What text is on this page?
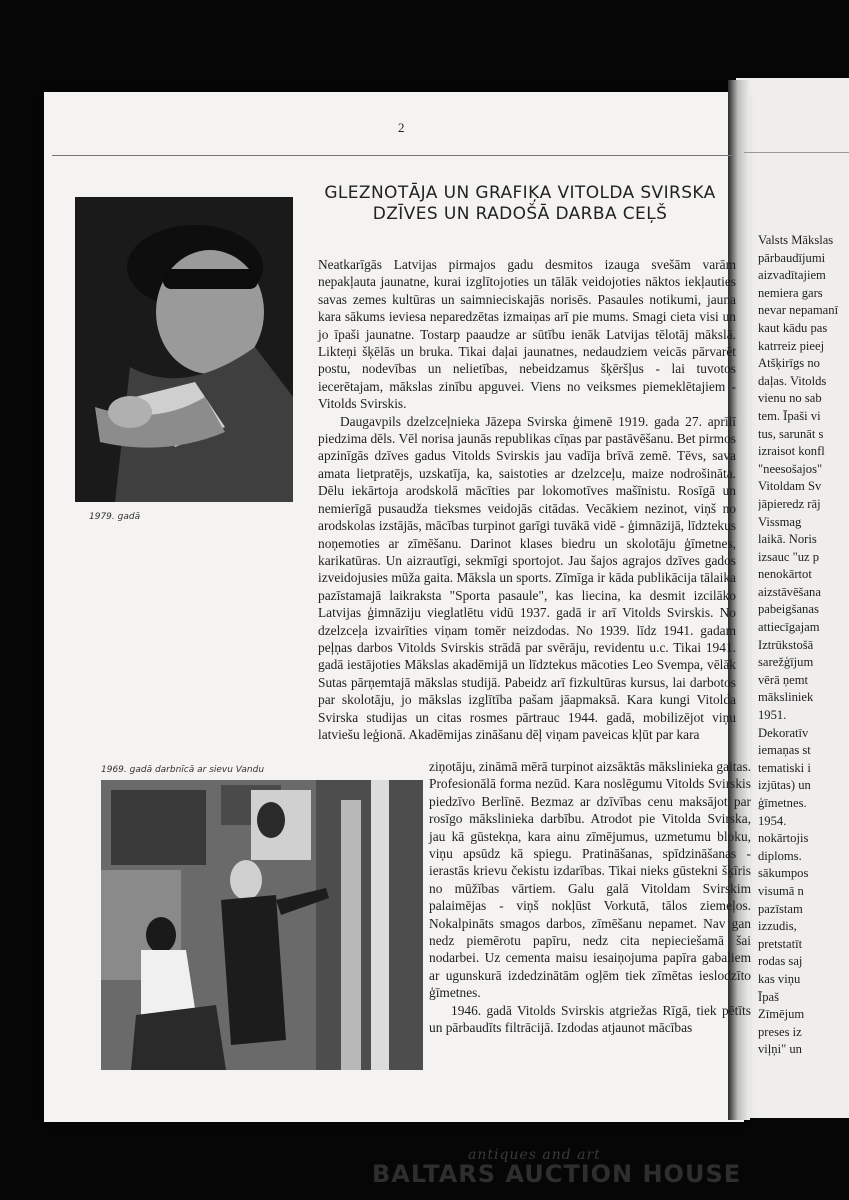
2
GLEZNOTĀJA UN GRAFIĶA VITOLDA SVIRSKA
DZĪVES UN RADOŠĀ DARBA CEĻŠ
1979. gadā
1969. gadā darbnīcā ar sievu Vandu

Neatkarīgās Latvijas pirmajos gadu desmitos izauga svešām varām nepakļauta jaunatne, kurai izglītojoties un tālāk veidojoties nāktos iekļauties savas zemes kultūras un saimnieciskajās norisēs. Pasaules notikumi, jauna kara sākums ieviesa neparedzētas izmaiņas arī pie mums. Smagi cieta visi un jo īpaši jaunatne. Tostarp paaudze ar sūtību ienāk Latvijas tēlotāj mākslā. Likteņi šķēlās un bruka. Tikai daļai jaunatnes, nedaudziem veicās pārvarēt postu, nodevības un nelietības, nebeidzamus šķēršļus - lai tuvotos iecerētajam, mākslas zinību apguvei. Viens no veiksmes piemeklētajiem - Vitolds Svirskis.

Daugavpils dzelzceļnieka Jāzepa Svirska ģimenē 1919. gada 27. aprīlī piedzima dēls. Vēl norisa jaunās republikas cīņas par pastāvēšanu. Bet pirmos apzinīgās dzīves gadus Vitolds Svirskis jau vadīja brīvā zemē. Tēvs, sava amata lietpratējs, uzskatīja, ka, saistoties ar dzelzceļu, maize nodrošināta. Dēlu iekārtoja arodskolā mācīties par lokomotīves mašīnistu. Rosīgā un nemierīgā pusaudža tieksmes veidojās citādas. Vecākiem nezinot, viņš no arodskolas izstājās, mācības turpinot garīgi tuvākā vidē - ģimnāzijā, līdztekus noņemoties ar zīmēšanu. Darinot klases biedru un skolotāju ģīmetnes, karikatūras. Un aizrautīgi, sekmīgi sportojot. Jau šajos agrajos dzīves gados izveidojusies mūža gaita. Māksla un sports. Zīmīga ir kāda publikācija tālaika pazīstamajā laikraksta "Sporta pasaule", kas liecina, ka desmit izcilāko Latvijas ģimnāziju vieglatlētu vidū 1937. gadā ir arī Vitolds Svirskis. No dzelzceļa izvairīties viņam tomēr neizdodas. No 1939. līdz 1941. gadam peļņas darbos Vitolds Svirskis strādā par svērāju, revidentu u.c. Tikai 1941. gadā iestājoties Mākslas akadēmijā un līdztekus mācoties Leo Svempa, vēlāk Sutas pārņemtajā mākslas studijā. Pabeidz arī fizkultūras kursus, lai darbotos par skolotāju, jo mākslas izglītība pašam jāapmaksā. Kara kungi Vitolda Svirska studijas un citas rosmes pārtrauc 1944. gadā, mobilizējot viņu latviešu leģionā. Akadēmijas zināšanu dēļ viņam paveicas kļūt par kara

ziņotāju, zināmā mērā turpinot aizsāktās mākslinieka gaitas. Profesionālā forma nezūd. Kara noslēgumu Vitolds Svirskis piedzīvo Berlīnē. Bezmaz ar dzīvības cenu maksājot par rosīgo mākslinieka darbību. Atrodot pie Vitolda Svirska, jau kā gūstekņa, kara ainu zīmējumus, uzmetumu bloku, viņu apsūdz kā spiegu. Pratināšanas, spīdzināšanas - ierastās krievu čekistu izdarības. Tikai nieks gūstekni šķīris no mūžības vārtiem. Galu galā Vitoldam Svirskim palaimējas - viņš nokļūst Vorkutā, tālos ziemeļos. Nokalpināts smagos darbos, zīmēšanu nepamet. Nav gan nedz piemērotu papīru, nedz cita nepieciešamā šai nodarbei. Uz cementa maisu iesaiņojuma papīra gabaliem ar ugunskurā izdedzinātām ogļēm tiek zīmētas ieslodzīto ģīmetnes.

1946. gadā Vitolds Svirskis atgriežas Rīgā, tiek pētīts un pārbaudīts filtrācijā. Izdodas atjaunot mācības

Valsts Mākslas
pārbaudījumi
aizvadītajiem
nemiera gars
nevar nepamanī
kaut kādu pas
katrreiz pieej
Atšķirīgs no
daļas. Vitolds
vienu no sab
tem. Īpaši vi
tus, sarunāt s
izraisot konfl
"neesošajos"
Vitoldam Sv
jāpieredz rāj
Vissmag
laikā. Noris
izsauc "uz p
nenokārtot
aizstāvēšana
pabeigšanas
attiecīgajam
Iztrūkstošā
sarežģījum
vērā ņemt
māksliniek
1951.
Dekoratīv
iemaņas st
tematiski i
izjūtas) un
ģīmetnes.
1954.
nokārtojis
diploms.
sākumpos
visumā n
pazīstam
izzudis,
pretstatīt
rodas saj
kas viņu
Īpaš
Zīmējum
preses iz
viļņi" un
antiques and art
BALTARS AUCTION HOUSE
